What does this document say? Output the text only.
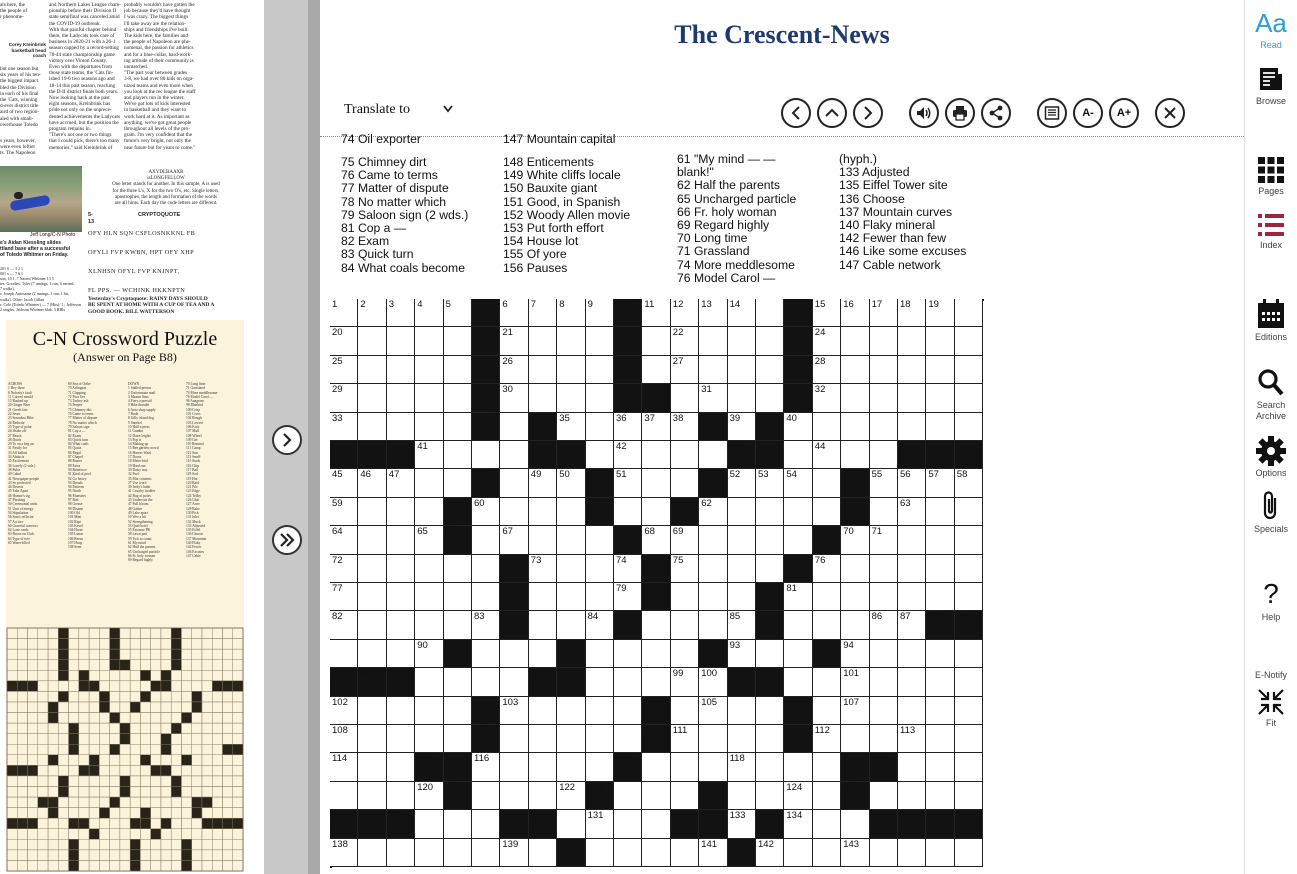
als here, the
the people of
r phenome-
Corey Kreinbrink
basketball head coach
but one season but
six years of his ten-
the biggest impact.
bled the Division
in each of his final
the 'Cats, winning
d-ever district title
aird of two region-
aled with small-
owerhouse Toledo
s years, however,
were even loftier
ts. The Napoleon
and Northern Lakes League cham-
pionship before their Division II
state semifinal was canceled amid
the COVID-19 outbreak.
With that painful chapter behind
them, the Ladycats took care of
business in 2020-21 with a 26-1
season capped by a record-setting
78-44 state championship game
victory over Vinton County.
Even with the departures from
those state teams, the 'Cats fin-
ished 19-6 two seasons ago and
18-14 this past season, reaching
the D-II district finals both years.
Now looking back at the past
eight seasons, Kreinbrink has
pride not only on the unprece-
dented achievements the Ladycats
have accrued, but the position the
program remains in.
"There's not one or two things
that I could pick, there's too many
memories," said Kreinbrink of
probably wouldn't have gotten the
job because they'd have thought
I was crazy. The biggest things
I'll take away are the relation-
ships and friendships I've built.
The kids here, the families and
the people of Napoleon are phe-
nomenal, the passion for athletics
and for a blue-collar, hard-work-
ing attitude of their community is
unmatched.
"The part year between grades
3-8, we had over 80 kids on orga-
nized teams and even more when
you look at the rec league the staff
and players run in the winter.
We've got lots of kids interested
in basketball and they want to
work hard at it. As important as
anything, we've got great people
throughout all levels of the pro-
gram. I'm very confident that the
future's very bright, not only the
near future but for years to come."
Jeff Long/C-N Photo
e's Aidan Kiessling slides
ttland base after a successful
of Toledo Whitmer on Friday.
201 0 — 3 2 1
001 x — 7 6 1
son; 10 1, 7 Naomi Whitmer 13 5
tes: Goodies: Tyler (7 innings, 1 run, 6 earned,
7 walks).
r: Joseph Antosante (2 innings, 1 run, 1 hit,
walks). Other: Jacob Gillan
r: Cole (Toledo Whitmer) — 7 (Hits)/ 1 ; Jefferson
2 singles, Jackson Whitmer blab. 3 RBIs
AXYDLBAAXR
isLONGFELLOW
One letter stands for another. In this sample, A is used
for the three L's, X for the two O's, etc. Single letters,
apostrophes, the length and formation of the words
are all hints. Each day the code letters are different.
5-13
CRYPTOQUOTE
OFY HLN SQN CSFLOSNKKNL FB
OFYLI FVP KWBN, HPT OFY XHP
XLNHSN OFYL FVP KNJNPT,
FL PPS. — WCHINK HKKNPTN
Yesterday's Cryptoquote: RAINY DAYS SHOULD
BE SPENT AT HOME WITH A CUP OF TEA AND A
GOOD BOOK. BILL WATTERSON
C-N Crossword Puzzle
(Answer on Page B8)
ACROSS
1 Hey there
6 Nobody's fault
11 Curved mould
15 Rushed up
20 Ginger Beer
21 Greek fate
22 Sears
23 Soundust Bike
24 Redwite
25 Type of polar
26 Shake off
27 Reach
28 Dutch
29 To on a beg on
31 Firstly for
33 All ballast
34 Abducts
35 Excitement
36 Lonely (2 wds.)
38 Pulse
40 Cabul
41 Newspaper people
43 So perfected
44 Deserts
45 Take Apart
46 Humor's sig
47 Flushing
50 Ceremonial units
51 Unit of energy
54 Stipulation
56 Sonic reflector
57 Act tire
60 Graceful warriors
62 Lone cards
63 Boose on Club
64 Type of tree
65 Water-filled
69 Sea of Oribe
70 Arlington
71 Clapping
72 Poor lies
73 Turkey ash
74 Peeper
75 Chimney dirt
76 Came to terms
77 Matter of dispute
78 No matter which
79 Saloon sign
81 Cop a —
82 Exam
83 Quick turn
84 What coals
85 Quota
86 Regal
87 Chapel
88 Boater
89 Extra
90 Reinforce
91 Kind of pool
92 Go heavy
93 Dreads
94 Patterns
95 Ninth
96 Monsters
97 Rob
98 Grease
99 Disarm
100 Old
101 Mini
102 Ripe
103 Kevel
104 Horse
105 Lunar
106 Rerun
107 Hoop
108 Seen
DOWN
1 Stalled person
2 Unfortunate mail
3 Maxim lines
4 Fiery a prevail
5 Bike thunder
6 Auto shop supply
7 Rude
8 Gilly island dog
9 Snorkel
10 Half a press
11 Gumbo
12 Daire leights
13 Fop it
14 Making up
15 Bee garden crowd
16 Harvas Ward
17 Doors
18 Meter bird
19 Hard run
30 Daisy tray
32 Fuel
35 Mix contents
37 Use word
39 Jerky's habit
41 Cavalry trodder
42 Bog of poles
43 Undercuts the
47 Full bloom
48 Gather
49 Lake apart
50 Wee a bit
52 Strengthening
53 Quel hotel
55 Extreme PR
58 Lawn part
59 Tick to count
61 My mind
62 Half the parents
65 Uncharged particle
66 Fr. holy woman
69 Regard highly
70 Long time
71 Grassland
74 More meddlesome
76 Model Carol —
96 Anagram
98 Bluebird
100 Crisp
101 Cross
102 Rough
103 Lowest
106 Kick
107 Mull
108 Wheel
109 Get
110 Remind
111 Camp
112 Sun
113 Smell
115 Stack
116 Chip
117 Bail
118 Sod
119 Hot
120 Raid
121 Pile
123 Edge
124 Trilby
126 Chat
127 Acne
128 Rake
130 Pick
131 Inlet
132 Muck
133 Adjusted
135 Eiffel
136 Choose
137 Mountain
140 Flaky
142 Fewer
146 Excuses
147 Cable
The Crescent-News
Translate to	A- A+
74 Oil exporter	147 Mountain capital
75 Chimney dirt
76 Came to terms
77 Matter of dispute
78 No matter which
79 Saloon sign (2 wds.)
81 Cop a —
82 Exam
83 Quick turn
84 What coals become
148 Enticements
149 White cliffs locale
150 Bauxite giant
151 Good, in Spanish
152 Woody Allen movie
153 Put forth effort
154 House lot
155 Of yore
156 Pauses
61 "My mind — —
blank!"
62 Half the parents
65 Uncharged particle
66 Fr. holy woman
69 Regard highly
70 Long time
71 Grassland
74 More meddlesome
76 Model Carol —
(hyph.)
133 Adjusted
135 Eiffel Tower site
136 Choose
137 Mountain curves
140 Flaky mineral
142 Fewer than few
146 Like some excuses
147 Cable network
1 2 3 4 5	6 7 8 9 10 11 12 13 14	15 16 17 18 19
20	21	22	23 24
25	26	27	28
29	30	31	32
33	34	35	36 37 38	39	40
41	42	43	44
45 46 47	48	49 50	51	52 53 54	55 56 57 58
59	60	61	62	63
64	65 66	67	68 69	70 71
72	73	74	75	76
77	78	79 80	81
82	83	84	85	86 87 88 89
90 91	92	93	94
95 96 97	98	99 100	101
102	103	104	105	106	107
108	109	110 111	112	113
114	115	116	117	118	119
120 121	122 123	124	125
126 127 128	129 130	131	132 133	134	135 136 137
138	139	140	141	142	143
Aa
Read
Browse
Pages
Index
Editions
Search
Archive
Options
Specials
?
Help
E-Notify
Fit
